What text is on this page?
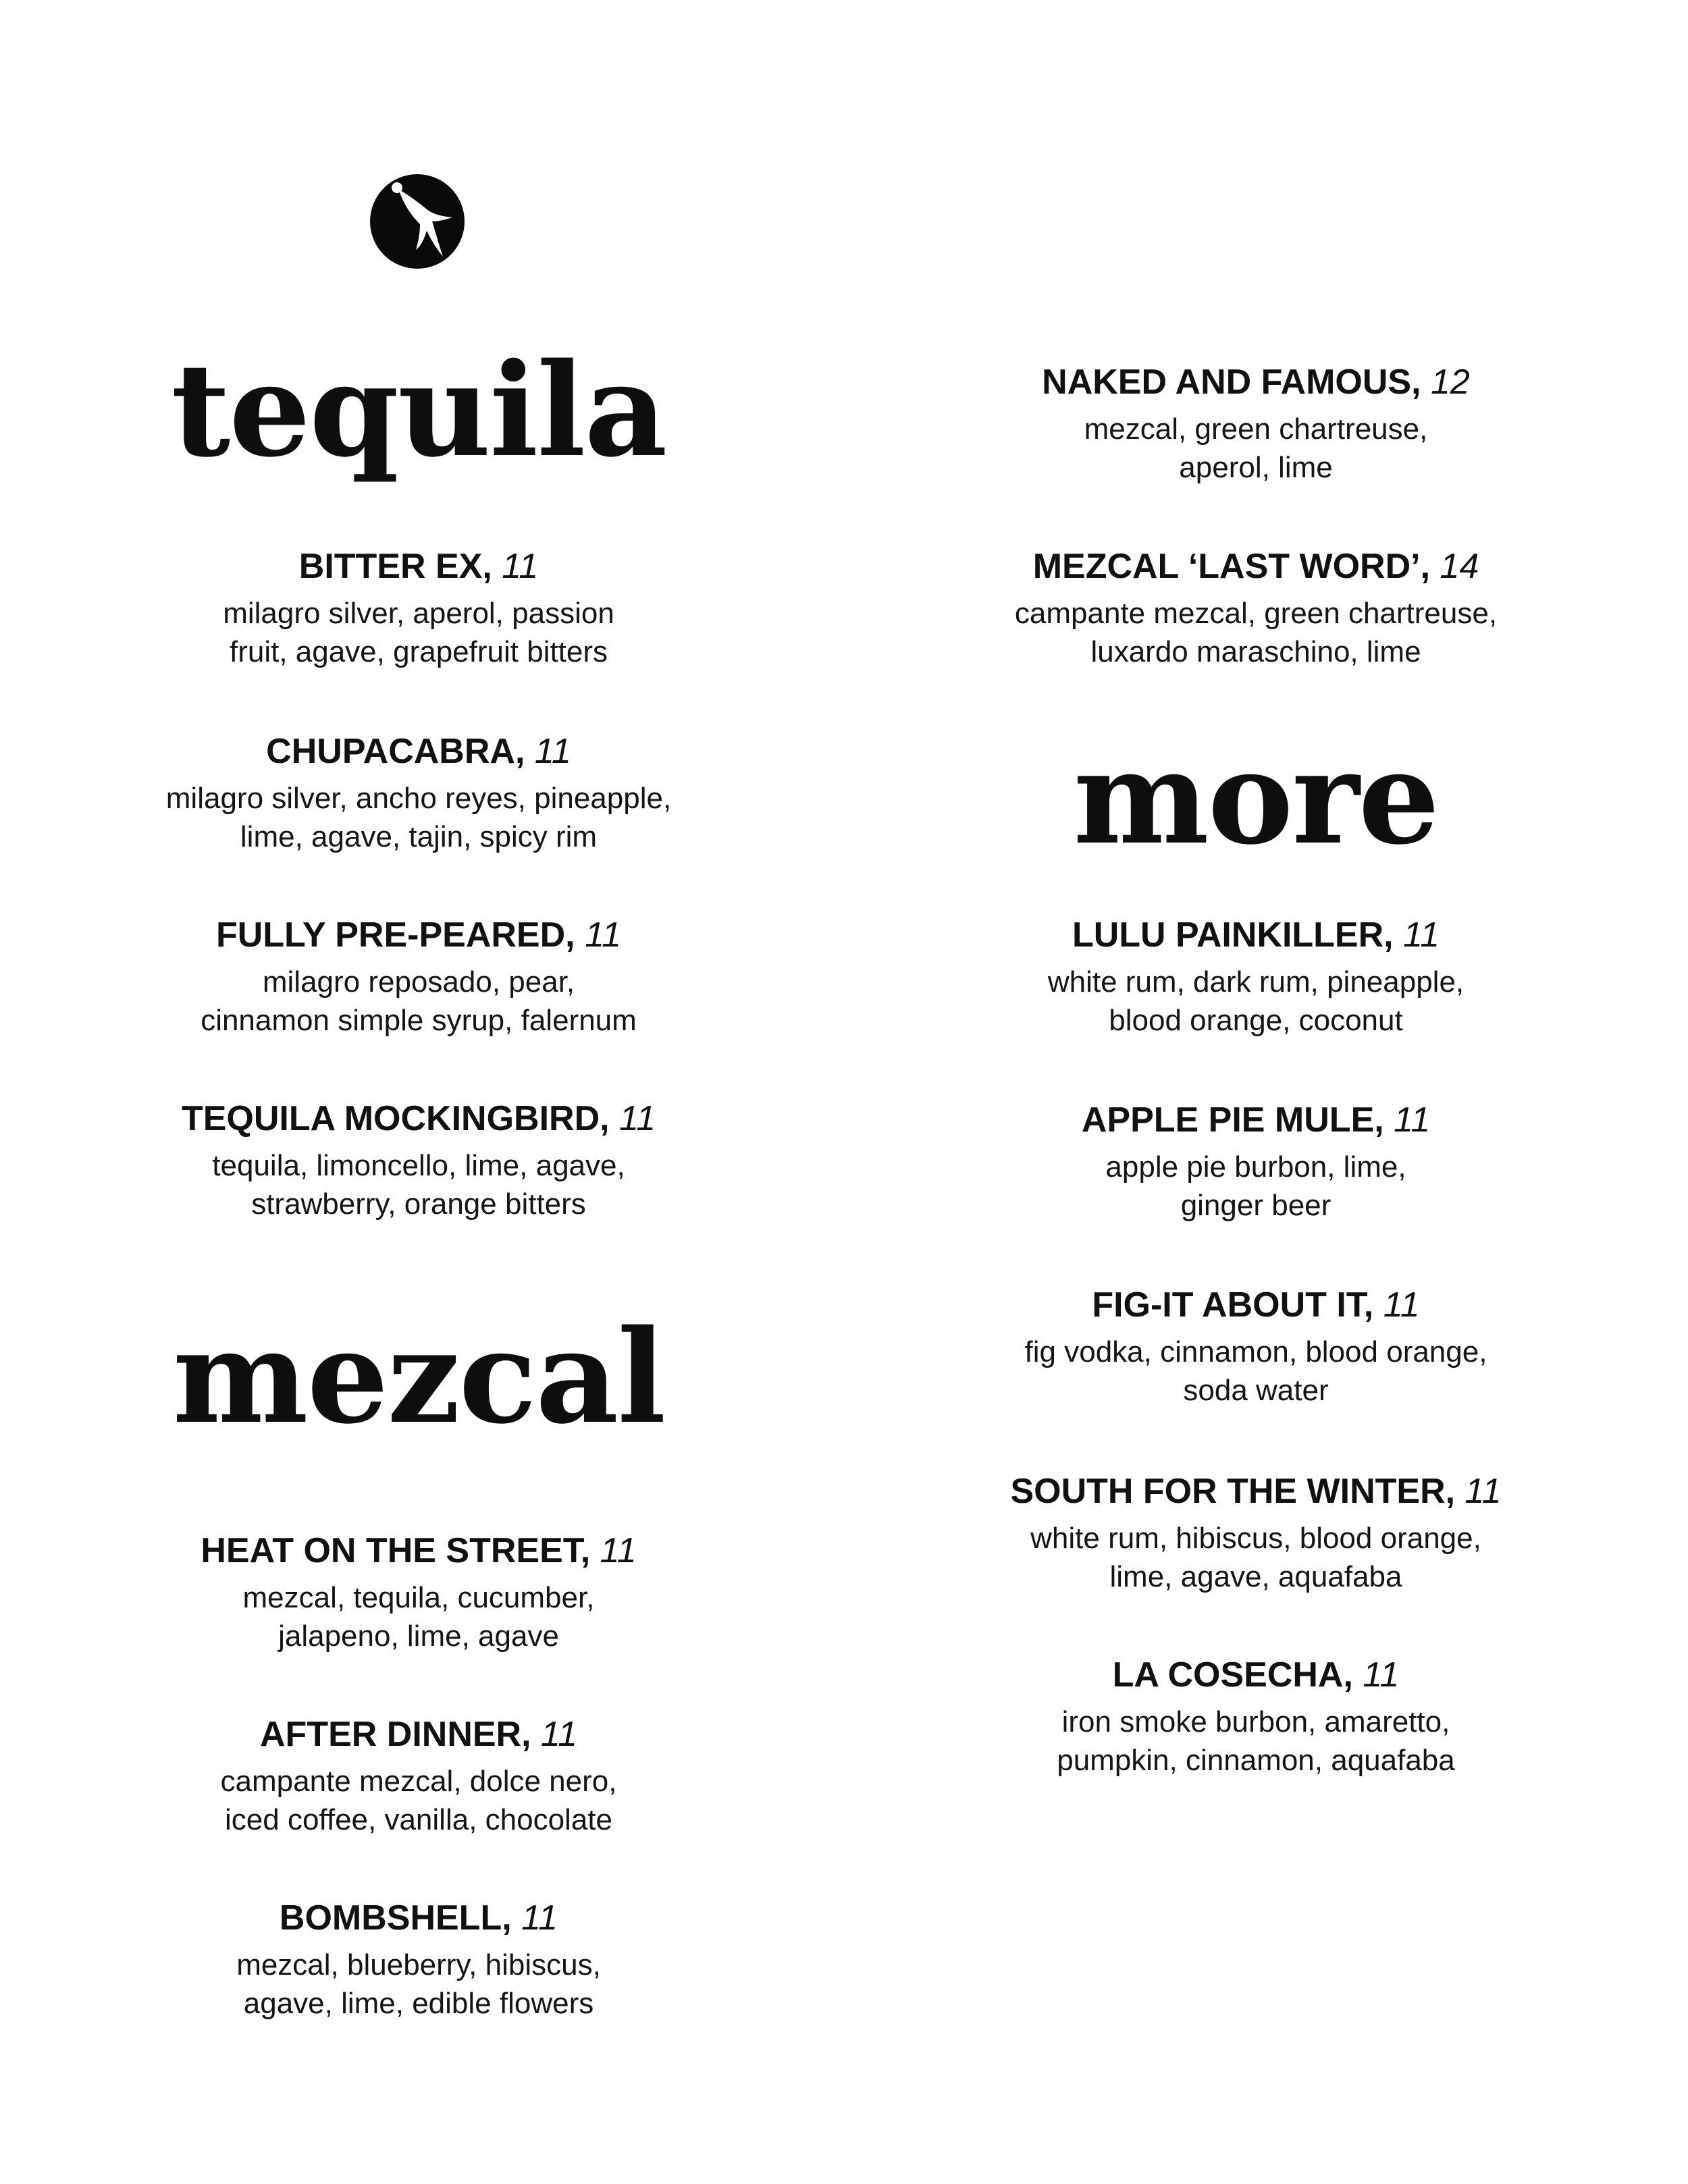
tequila
BITTER EX, 11
milagro silver, aperol, passion
fruit, agave, grapefruit bitters
CHUPACABRA, 11
milagro silver, ancho reyes, pineapple,
lime, agave, tajin, spicy rim
FULLY PRE-PEARED, 11
milagro reposado, pear,
cinnamon simple syrup, falernum
TEQUILA MOCKINGBIRD, 11
tequila, limoncello, lime, agave,
strawberry, orange bitters
mezcal
HEAT ON THE STREET, 11
mezcal, tequila, cucumber,
jalapeno, lime, agave
AFTER DINNER, 11
campante mezcal, dolce nero,
iced coffee, vanilla, chocolate
BOMBSHELL, 11
mezcal, blueberry, hibiscus,
agave, lime, edible flowers
NAKED AND FAMOUS, 12
mezcal, green chartreuse,
aperol, lime
MEZCAL ‘LAST WORD’, 14
campante mezcal, green chartreuse,
luxardo maraschino, lime
more
LULU PAINKILLER, 11
white rum, dark rum, pineapple,
blood orange, coconut
APPLE PIE MULE, 11
apple pie burbon, lime,
ginger beer
FIG-IT ABOUT IT, 11
fig vodka, cinnamon, blood orange,
soda water
SOUTH FOR THE WINTER, 11
white rum, hibiscus, blood orange,
lime, agave, aquafaba
LA COSECHA, 11
iron smoke burbon, amaretto,
pumpkin, cinnamon, aquafaba
